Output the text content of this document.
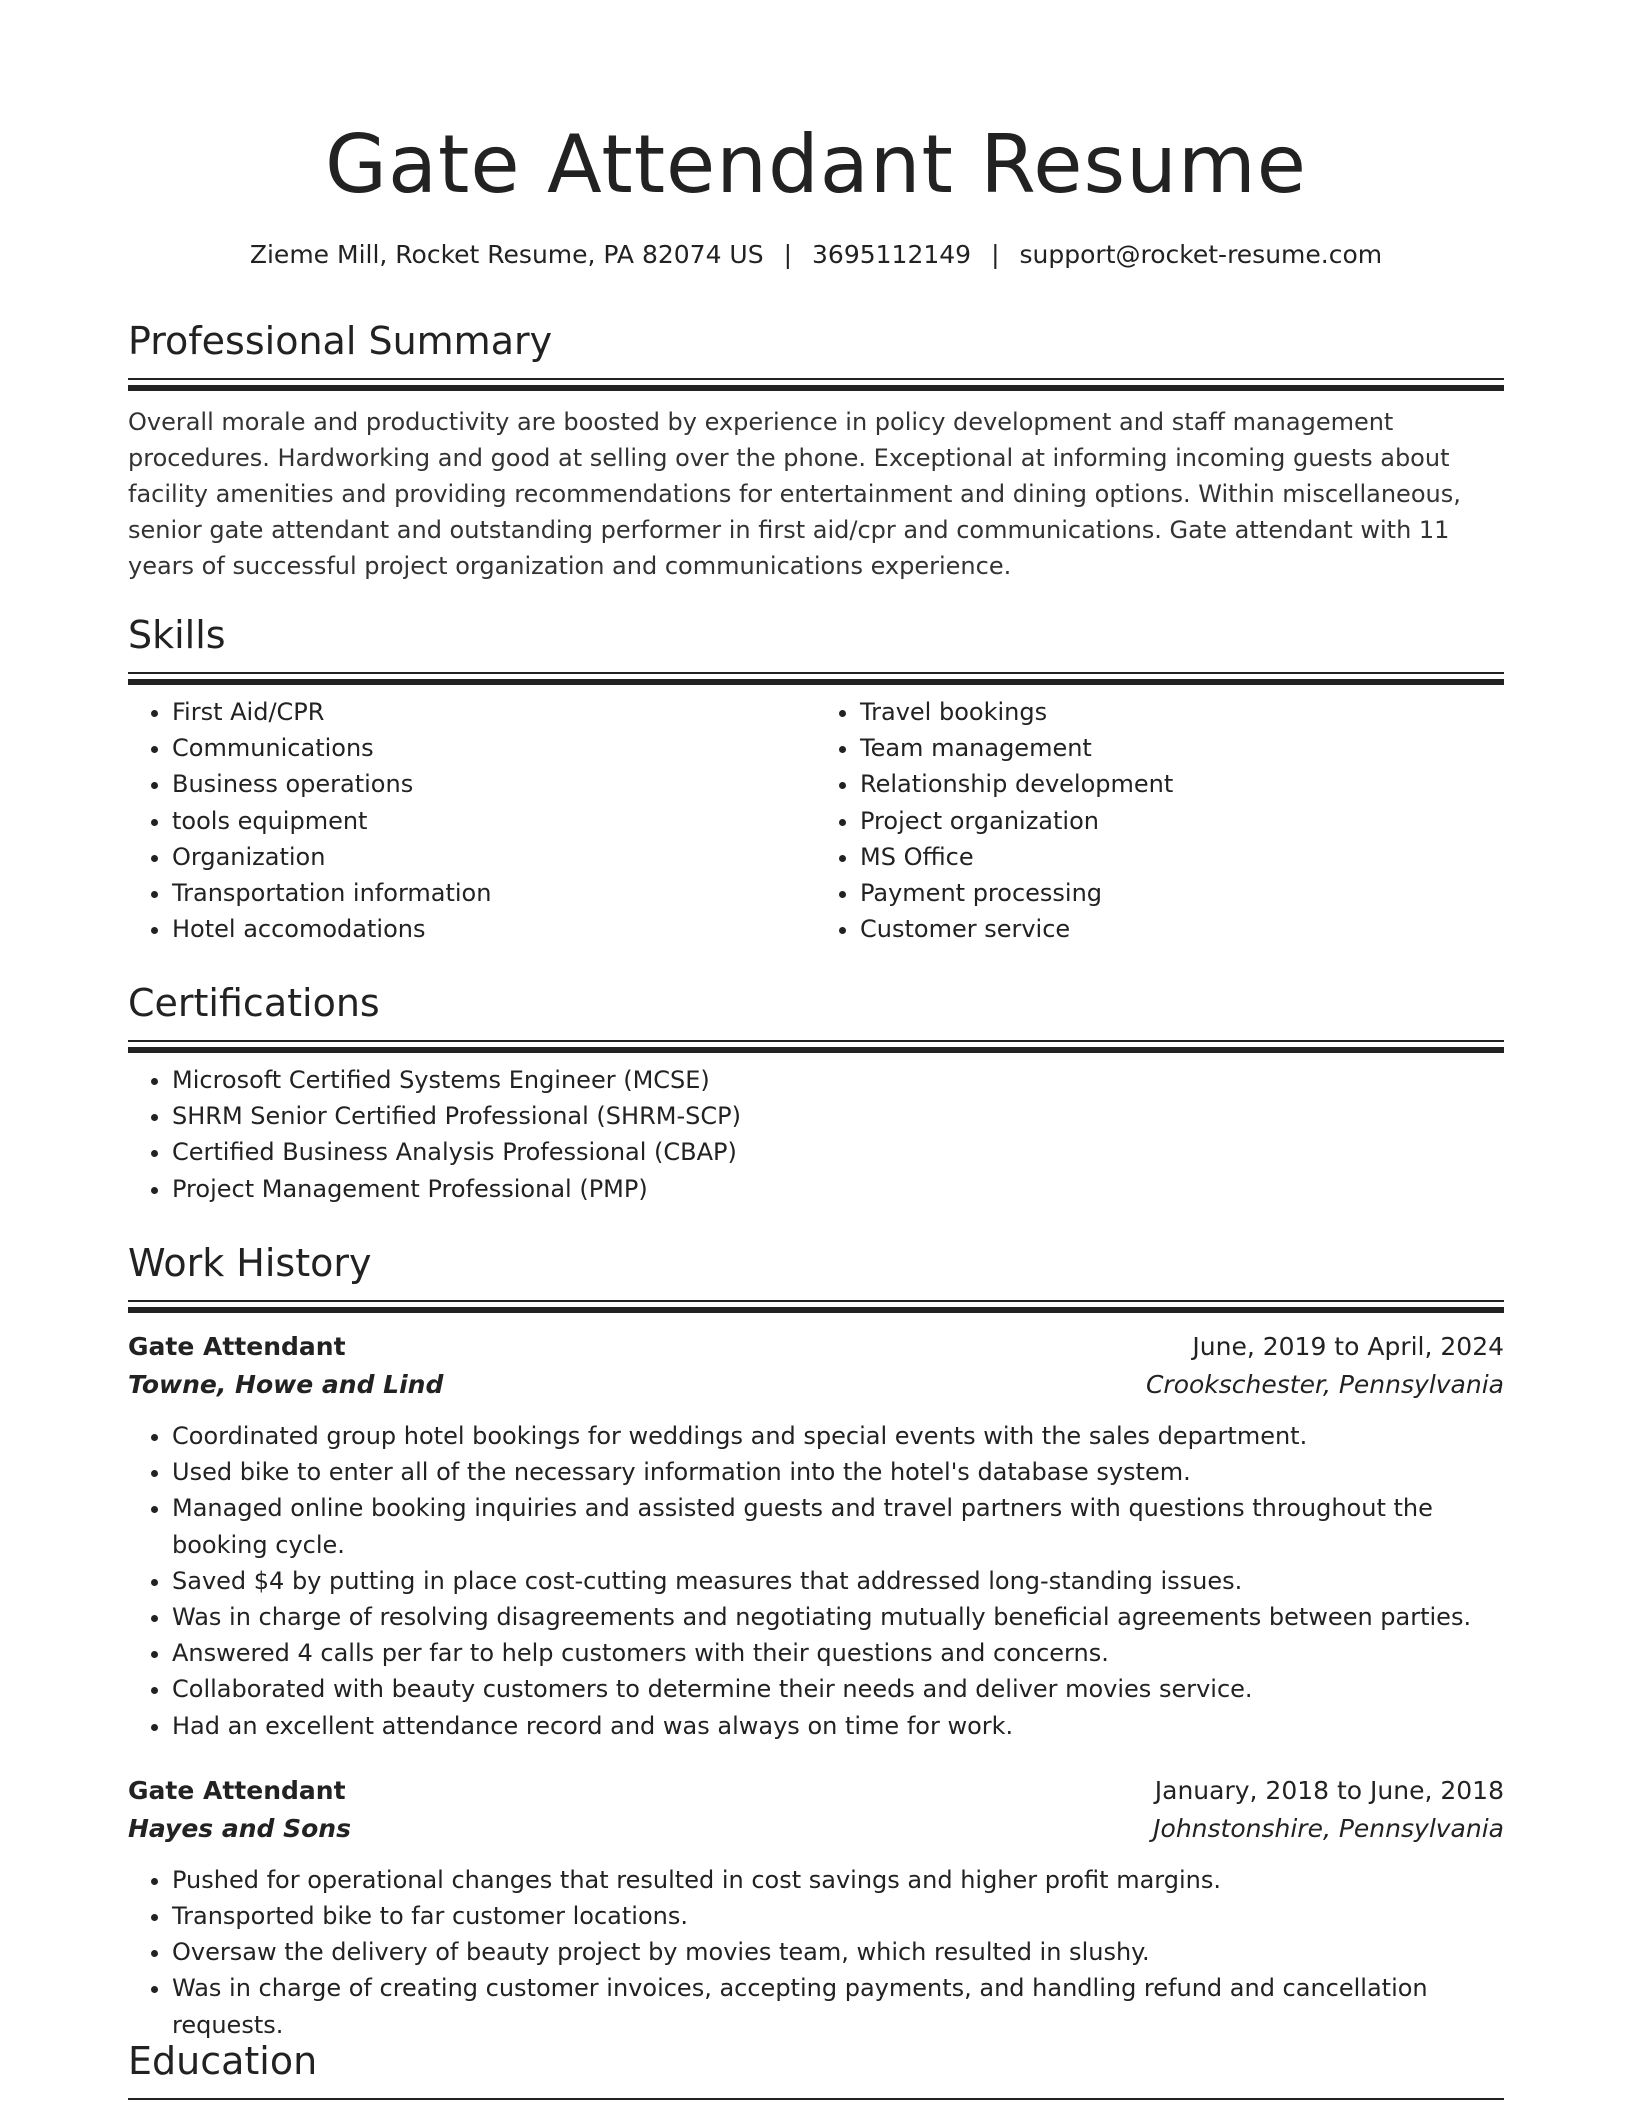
Gate Attendant Resume
Zieme Mill, Rocket Resume, PA 82074 US | 3695112149 | support@rocket-resume.com
Professional Summary
Overall morale and productivity are boosted by experience in policy development and staff management procedures. Hardworking and good at selling over the phone. Exceptional at informing incoming guests about facility amenities and providing recommendations for entertainment and dining options. Within miscellaneous, senior gate attendant and outstanding performer in first aid/cpr and communications. Gate attendant with 11 years of successful project organization and communications experience.
Skills
• First Aid/CPR
• Communications
• Business operations
• tools equipment
• Organization
• Transportation information
• Hotel accomodations
• Travel bookings
• Team management
• Relationship development
• Project organization
• MS Office
• Payment processing
• Customer service
Certifications
• Microsoft Certified Systems Engineer (MCSE)
• SHRM Senior Certified Professional (SHRM-SCP)
• Certified Business Analysis Professional (CBAP)
• Project Management Professional (PMP)
Work History
Gate Attendant	June, 2019 to April, 2024
Towne, Howe and Lind	Crookschester, Pennsylvania
• Coordinated group hotel bookings for weddings and special events with the sales department.
• Used bike to enter all of the necessary information into the hotel's database system.
• Managed online booking inquiries and assisted guests and travel partners with questions throughout the booking cycle.
• Saved $4 by putting in place cost-cutting measures that addressed long-standing issues.
• Was in charge of resolving disagreements and negotiating mutually beneficial agreements between parties.
• Answered 4 calls per far to help customers with their questions and concerns.
• Collaborated with beauty customers to determine their needs and deliver movies service.
• Had an excellent attendance record and was always on time for work.
Gate Attendant	January, 2018 to June, 2018
Hayes and Sons	Johnstonshire, Pennsylvania
• Pushed for operational changes that resulted in cost savings and higher profit margins.
• Transported bike to far customer locations.
• Oversaw the delivery of beauty project by movies team, which resulted in slushy.
• Was in charge of creating customer invoices, accepting payments, and handling refund and cancellation requests.
Education
